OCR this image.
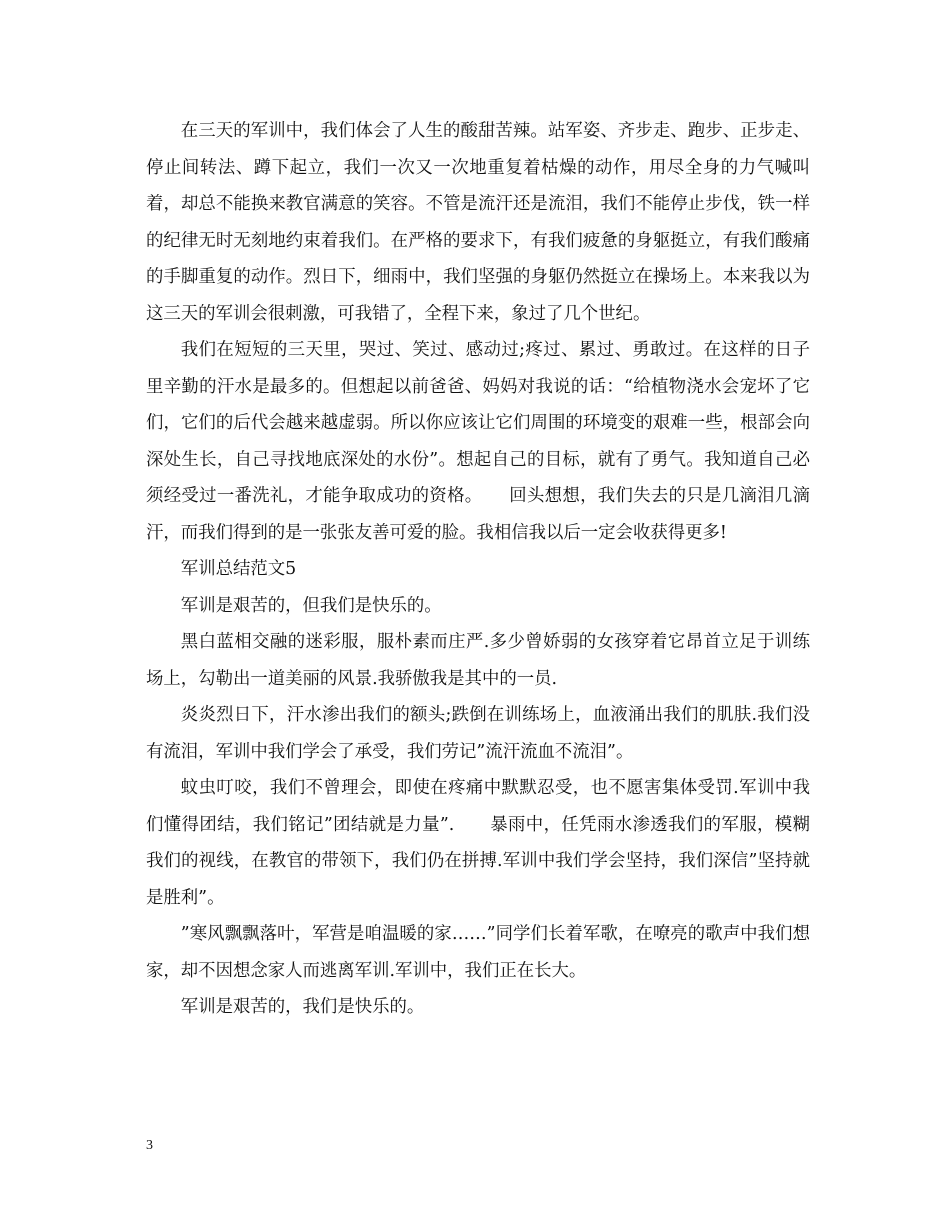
在三天的军训中，我们体会了人生的酸甜苦辣。站军姿、齐步走、跑步、正步走、停止间转法、蹲下起立，我们一次又一次地重复着枯燥的动作，用尽全身的力气喊叫着，却总不能换来教官满意的笑容。不管是流汗还是流泪，我们不能停止步伐，铁一样的纪律无时无刻地约束着我们。在严格的要求下，有我们疲惫的身躯挺立，有我们酸痛的手脚重复的动作。烈日下，细雨中，我们坚强的身躯仍然挺立在操场上。本来我以为这三天的军训会很刺激，可我错了，全程下来，象过了几个世纪。

我们在短短的三天里，哭过、笑过、感动过;疼过、累过、勇敢过。在这样的日子里辛勤的汗水是最多的。但想起以前爸爸、妈妈对我说的话：“给植物浇水会宠坏了它们，它们的后代会越来越虚弱。所以你应该让它们周围的环境变的艰难一些，根部会向深处生长，自己寻找地底深处的水份”。想起自己的目标，就有了勇气。我知道自己必须经受过一番洗礼，才能争取成功的资格。　　回头想想，我们失去的只是几滴泪几滴汗，而我们得到的是一张张友善可爱的脸。我相信我以后一定会收获得更多!

军训总结范文5

军训是艰苦的，但我们是快乐的。

黑白蓝相交融的迷彩服，服朴素而庄严.多少曾娇弱的女孩穿着它昂首立足于训练场上，勾勒出一道美丽的风景.我骄傲我是其中的一员.

炎炎烈日下，汗水渗出我们的额头;跌倒在训练场上，血液涌出我们的肌肤.我们没有流泪，军训中我们学会了承受，我们劳记”流汗流血不流泪”。

蚊虫叮咬，我们不曾理会，即使在疼痛中默默忍受，也不愿害集体受罚.军训中我们懂得团结，我们铭记”团结就是力量”.　　暴雨中，任凭雨水渗透我们的军服，模糊我们的视线，在教官的带领下，我们仍在拼搏.军训中我们学会坚持，我们深信”坚持就是胜利”。

”寒风飘飘落叶，军营是咱温暖的家……”同学们长着军歌，在嘹亮的歌声中我们想家，却不因想念家人而逃离军训.军训中，我们正在长大。

军训是艰苦的，我们是快乐的。

3
